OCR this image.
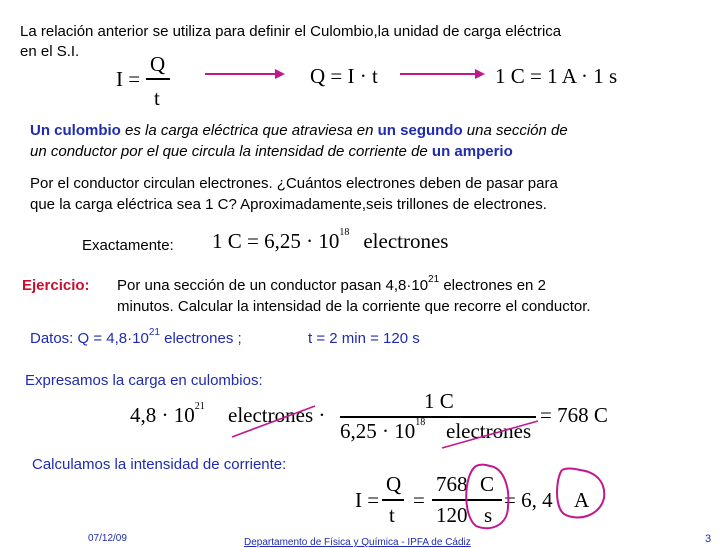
La relación anterior se utiliza para definir el Culombio,la unidad de carga eléctrica
en el S.I.
I =
Q
t
Q = I · t	1 C = 1 A · 1 s
Un culombio es la carga eléctrica que atraviesa en un segundo una sección de
un conductor por el que circula la intensidad de corriente de un amperio
Por el conductor circulan electrones. ¿Cuántos electrones deben de pasar para
que la carga eléctrica sea 1 C? Aproximadamente,seis trillones de electrones.
Exactamente: 1 $C = 6,25 \cdot 10^{18}$ electrones
Ejercicio: Por una sección de un conductor pasan $4,8\cdot 10^{21}$ electrones en 2
minutos. Calcular la intensidad de la corriente que recorre el conductor.
Datos: $Q = 4,8\cdot 10^{21}$ electrones ;	t = 2 min = 120 s
Expresamos la carga en culombios:
$4,8 \cdot 10^{21}$ electrones ·
1 C
$6,25 \cdot 10^{18}$ electrones
= 768 C
Calculamos la intensidad de corriente:
I =
Q
t
=
768 C
120 s
= 6, 4 A
07/12/09	Departamento de Física y Química - IPFA de Cádiz	3
